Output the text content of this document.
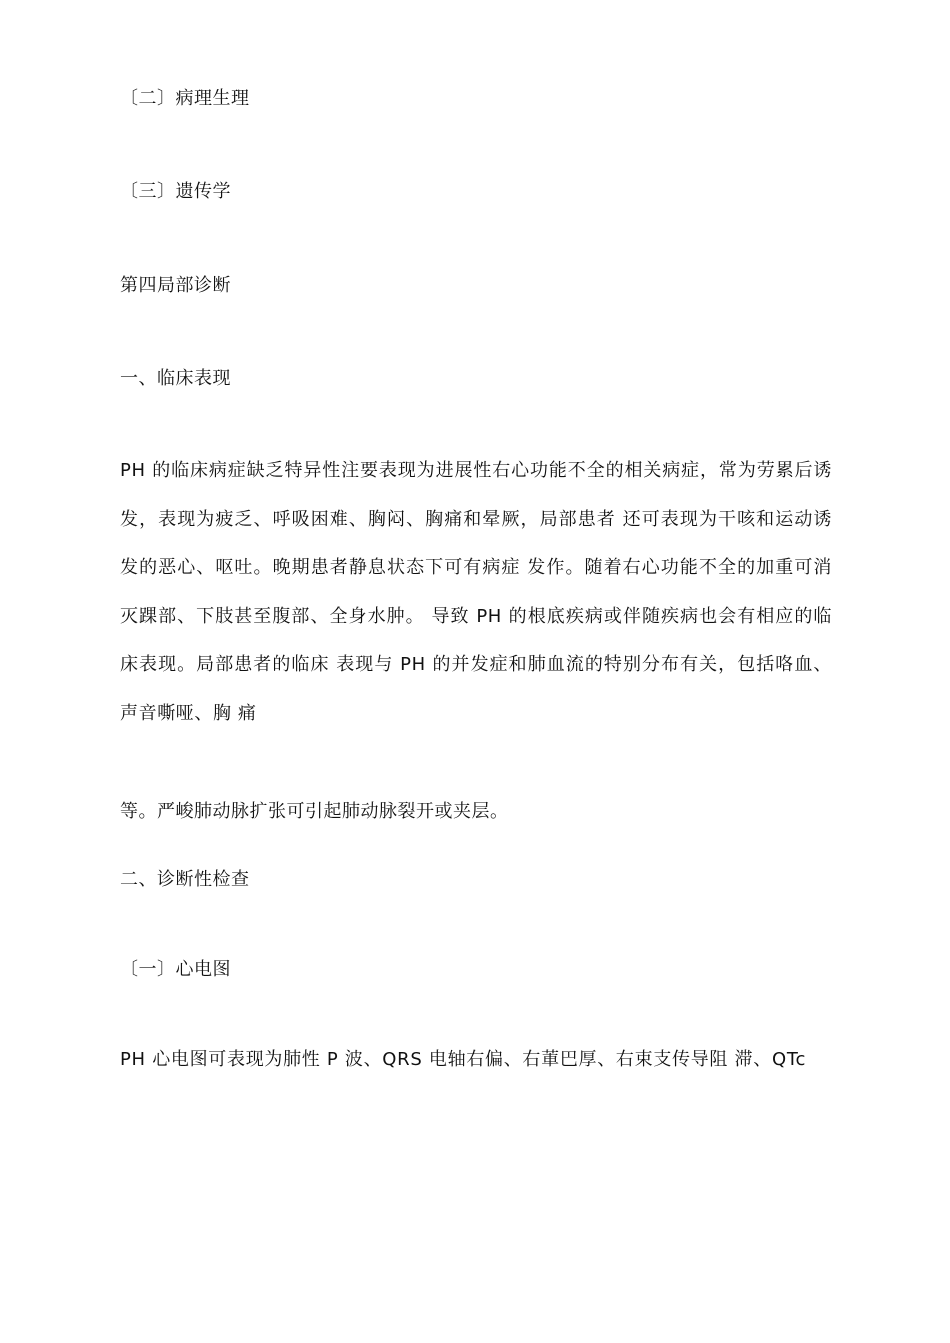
〔二〕病理生理
〔三〕遗传学
第四局部诊断
一、临床表现
PH 的临床病症缺乏特异性注要表现为进展性右心功能不全的相关病症，常为劳累后诱发，表现为疲乏、呼吸困难、胸闷、胸痛和晕厥，局部患者 还可表现为干咳和运动诱发的恶心、呕吐。晚期患者静息状态下可有病症 发作。随着右心功能不全的加重可消灭踝部、下肢甚至腹部、全身水肿。 导致 PH 的根底疾病或伴随疾病也会有相应的临床表现。局部患者的临床 表现与 PH 的并发症和肺血流的特别分布有关，包括咯血、声音嘶哑、胸 痛
等。严峻肺动脉扩张可引起肺动脉裂开或夹层。
二、诊断性检查
〔一〕心电图
PH 心电图可表现为肺性 P 波、QRS 电轴右偏、右莗巴厚、右束支传导阻 滞、QTc
